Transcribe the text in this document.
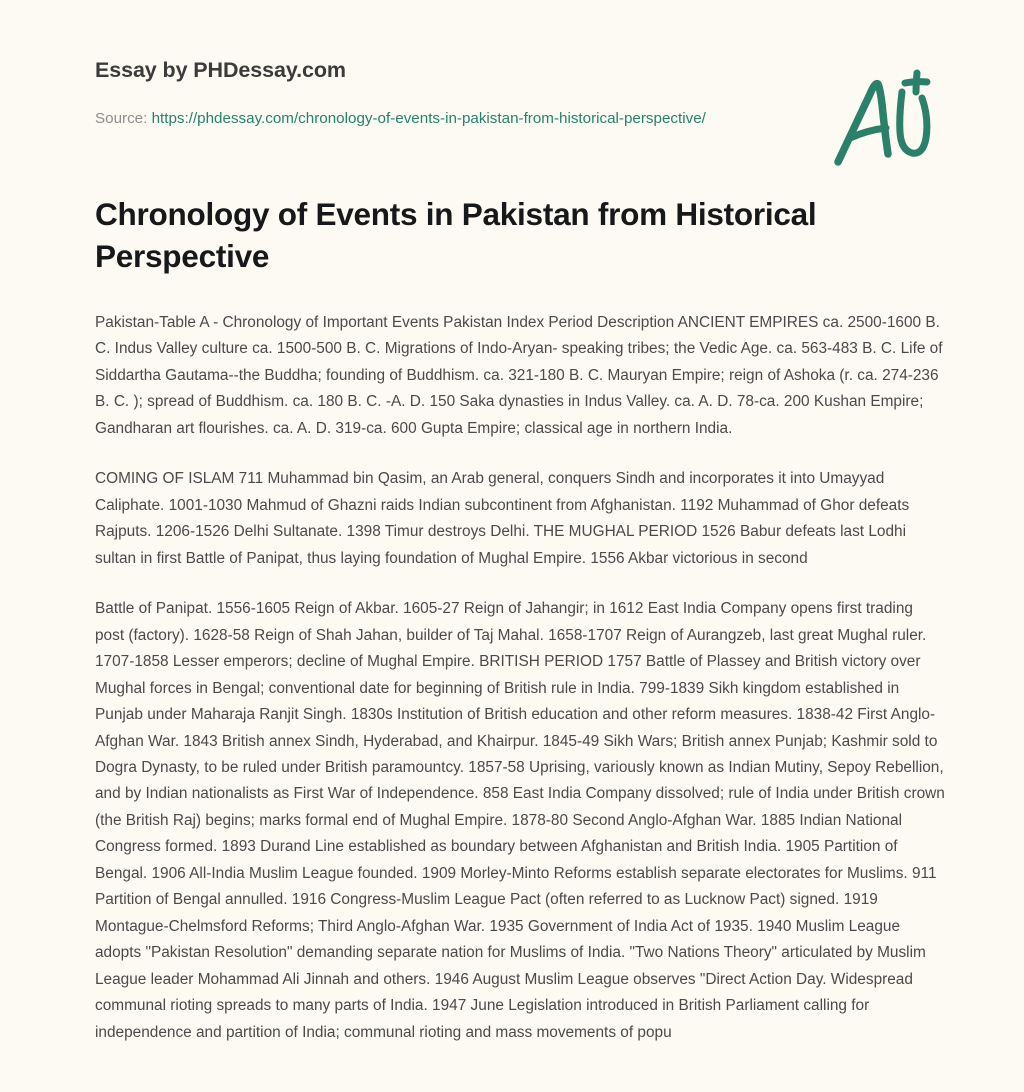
Essay by PHDessay.com
Source: https://phdessay.com/chronology-of-events-in-pakistan-from-historical-perspective/
Chronology of Events in Pakistan from Historical Perspective

Pakistan-Table A - Chronology of Important Events Pakistan Index Period Description ANCIENT EMPIRES ca. 2500-1600 B. C. Indus Valley culture ca. 1500-500 B. C. Migrations of Indo-Aryan- speaking tribes; the Vedic Age. ca. 563-483 B. C. Life of Siddartha Gautama--the Buddha; founding of Buddhism. ca. 321-180 B. C. Mauryan Empire; reign of Ashoka (r. ca. 274-236 B. C. ); spread of Buddhism. ca. 180 B. C. -A. D. 150 Saka dynasties in Indus Valley. ca. A. D. 78-ca. 200 Kushan Empire; Gandharan art flourishes. ca. A. D. 319-ca. 600 Gupta Empire; classical age in northern India.

COMING OF ISLAM 711 Muhammad bin Qasim, an Arab general, conquers Sindh and incorporates it into Umayyad Caliphate. 1001-1030 Mahmud of Ghazni raids Indian subcontinent from Afghanistan. 1192 Muhammad of Ghor defeats Rajputs. 1206-1526 Delhi Sultanate. 1398 Timur destroys Delhi. THE MUGHAL PERIOD 1526 Babur defeats last Lodhi sultan in first Battle of Panipat, thus laying foundation of Mughal Empire. 1556 Akbar victorious in second

Battle of Panipat. 1556-1605 Reign of Akbar. 1605-27 Reign of Jahangir; in 1612 East India Company opens first trading post (factory). 1628-58 Reign of Shah Jahan, builder of Taj Mahal. 1658-1707 Reign of Aurangzeb, last great Mughal ruler. 1707-1858 Lesser emperors; decline of Mughal Empire. BRITISH PERIOD 1757 Battle of Plassey and British victory over Mughal forces in Bengal; conventional date for beginning of British rule in India. 799-1839 Sikh kingdom established in Punjab under Maharaja Ranjit Singh. 1830s Institution of British education and other reform measures. 1838-42 First Anglo-Afghan War. 1843 British annex Sindh, Hyderabad, and Khairpur. 1845-49 Sikh Wars; British annex Punjab; Kashmir sold to Dogra Dynasty, to be ruled under British paramountcy. 1857-58 Uprising, variously known as Indian Mutiny, Sepoy Rebellion, and by Indian nationalists as First War of Independence. 858 East India Company dissolved; rule of India under British crown (the British Raj) begins; marks formal end of Mughal Empire. 1878-80 Second Anglo-Afghan War. 1885 Indian National Congress formed. 1893 Durand Line established as boundary between Afghanistan and British India. 1905 Partition of Bengal. 1906 All-India Muslim League founded. 1909 Morley-Minto Reforms establish separate electorates for Muslims. 911 Partition of Bengal annulled. 1916 Congress-Muslim League Pact (often referred to as Lucknow Pact) signed. 1919 Montague-Chelmsford Reforms; Third Anglo-Afghan War. 1935 Government of India Act of 1935. 1940 Muslim League adopts "Pakistan Resolution" demanding separate nation for Muslims of India. "Two Nations Theory" articulated by Muslim League leader Mohammad Ali Jinnah and others. 1946 August Muslim League observes "Direct Action Day. Widespread communal rioting spreads to many parts of India. 1947 June Legislation introduced in British Parliament calling for independence and partition of India; communal rioting and mass movements of popu
